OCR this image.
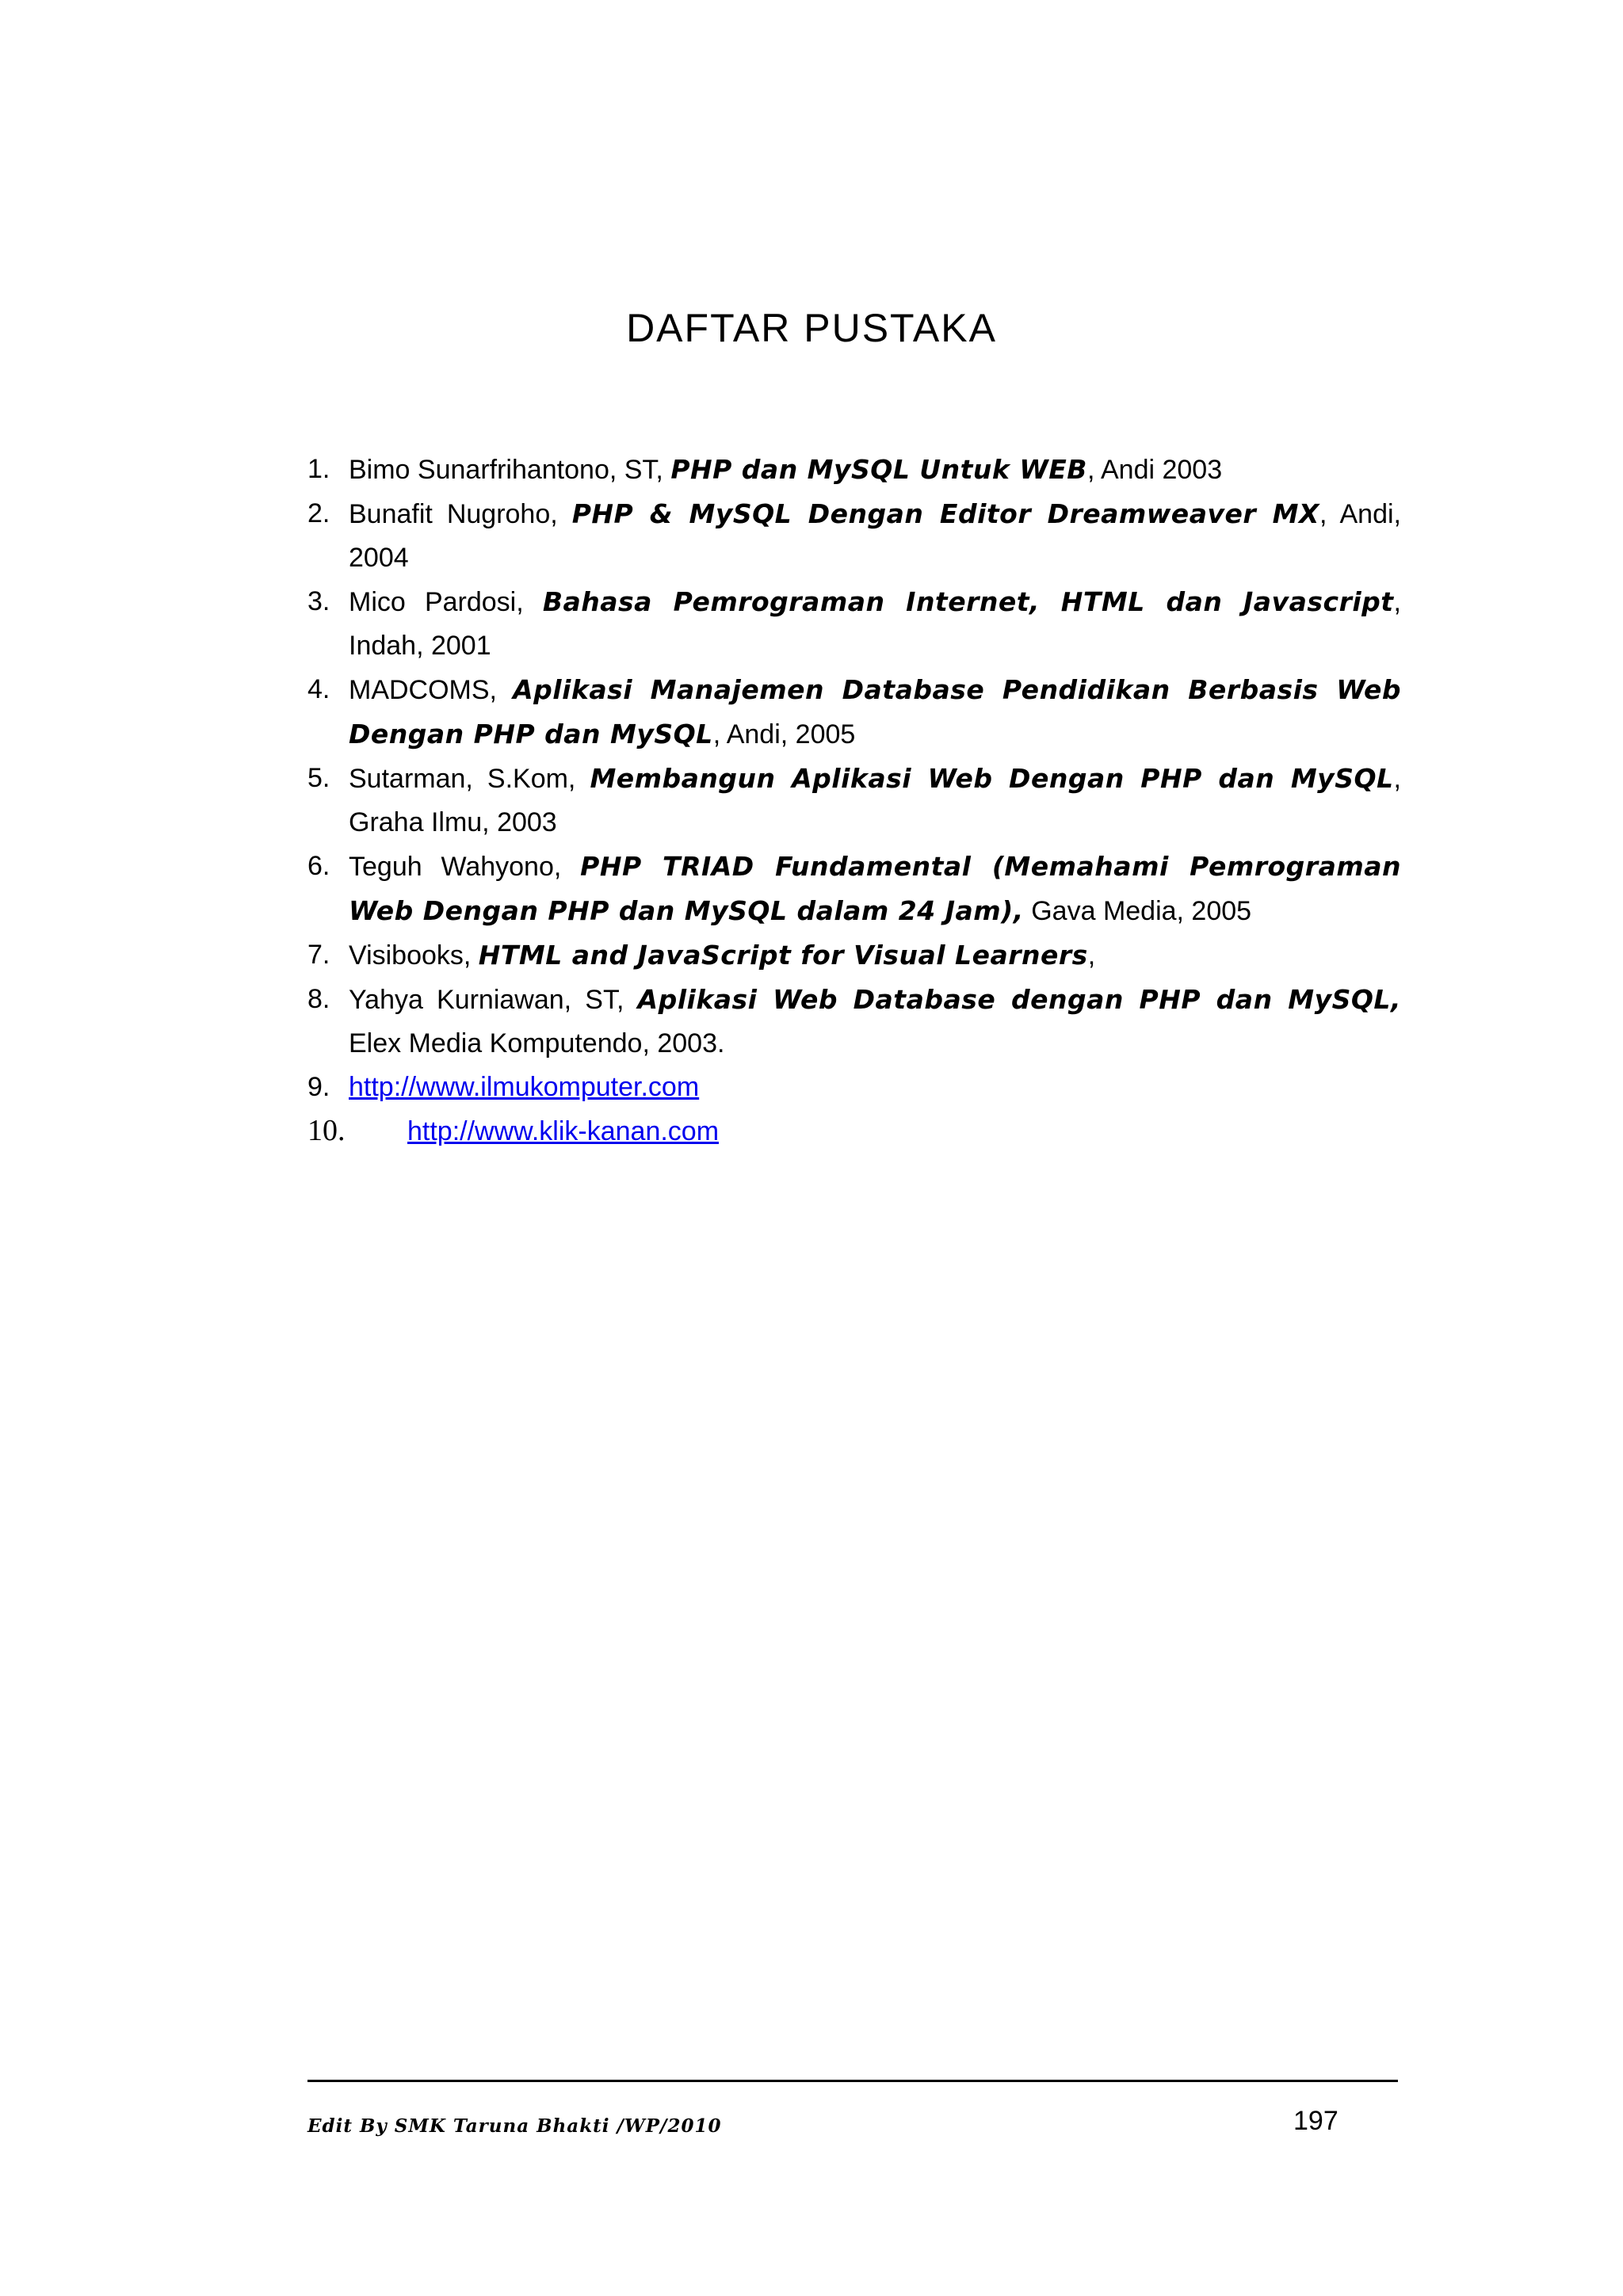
DAFTAR PUSTAKA
1. Bimo Sunarfrihantono, ST, PHP dan MySQL Untuk WEB, Andi 2003
2. Bunafit Nugroho, PHP & MySQL Dengan Editor Dreamweaver MX, Andi, 2004
3. Mico Pardosi, Bahasa Pemrograman Internet, HTML dan Javascript, Indah, 2001
4. MADCOMS, Aplikasi Manajemen Database Pendidikan Berbasis Web Dengan PHP dan MySQL, Andi, 2005
5. Sutarman, S.Kom, Membangun Aplikasi Web Dengan PHP dan MySQL, Graha Ilmu, 2003
6. Teguh Wahyono, PHP TRIAD Fundamental (Memahami Pemrograman Web Dengan PHP dan MySQL dalam 24 Jam), Gava Media, 2005
7. Visibooks, HTML and JavaScript for Visual Learners,
8. Yahya Kurniawan, ST, Aplikasi Web Database dengan PHP dan MySQL, Elex Media Komputendo, 2003.
9. http://www.ilmukomputer.com
10. http://www.klik-kanan.com
Edit By SMK Taruna Bhakti /WP/2010	197
